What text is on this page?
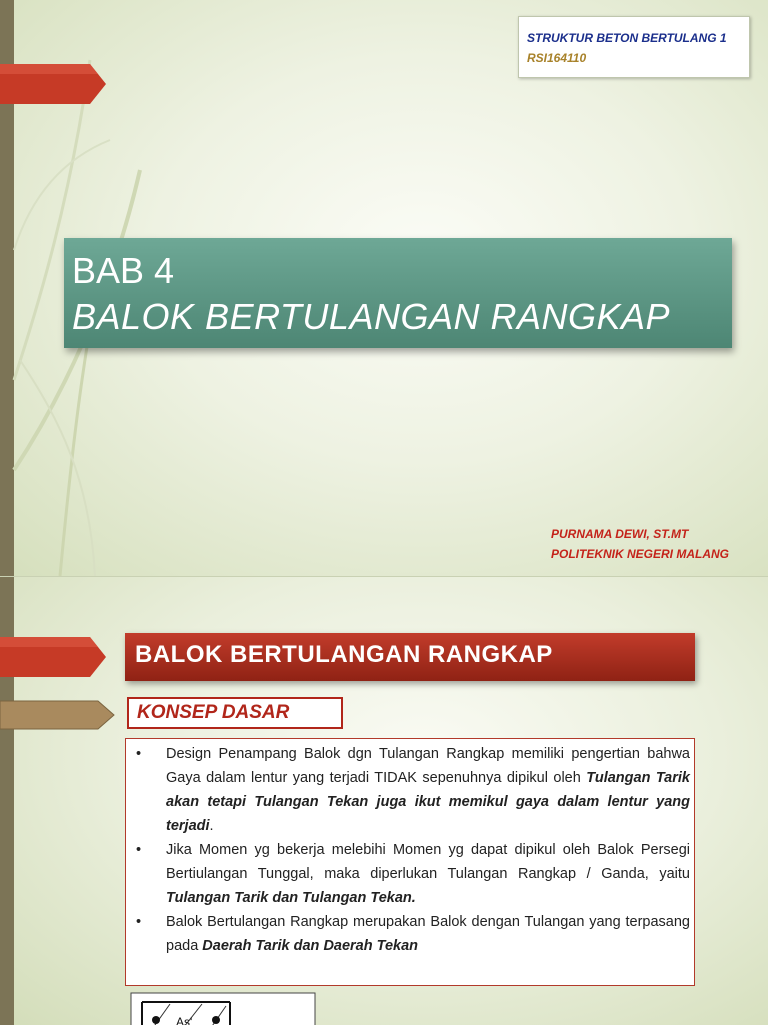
STRUKTUR BETON BERTULANG 1
RSI164110
BAB 4
BALOK BERTULANGAN RANGKAP
PURNAMA DEWI, ST.MT
POLITEKNIK NEGERI MALANG
BALOK BERTULANGAN RANGKAP
KONSEP DASAR
• Design Penampang Balok dgn Tulangan Rangkap memiliki pengertian bahwa Gaya dalam lentur yang terjadi TIDAK sepenuhnya dipikul oleh Tulangan Tarik akan tetapi Tulangan Tekan juga ikut memikul gaya dalam lentur yang terjadi.
• Jika Momen yg bekerja melebihi Momen yg dapat dipikul oleh Balok Persegi Bertiulangan Tunggal, maka diperlukan Tulangan Rangkap / Ganda, yaitu Tulangan Tarik dan Tulangan Tekan.
• Balok Bertulangan Rangkap merupakan Balok dengan Tulangan yang terpasang pada Daerah Tarik dan Daerah Tekan
As'
